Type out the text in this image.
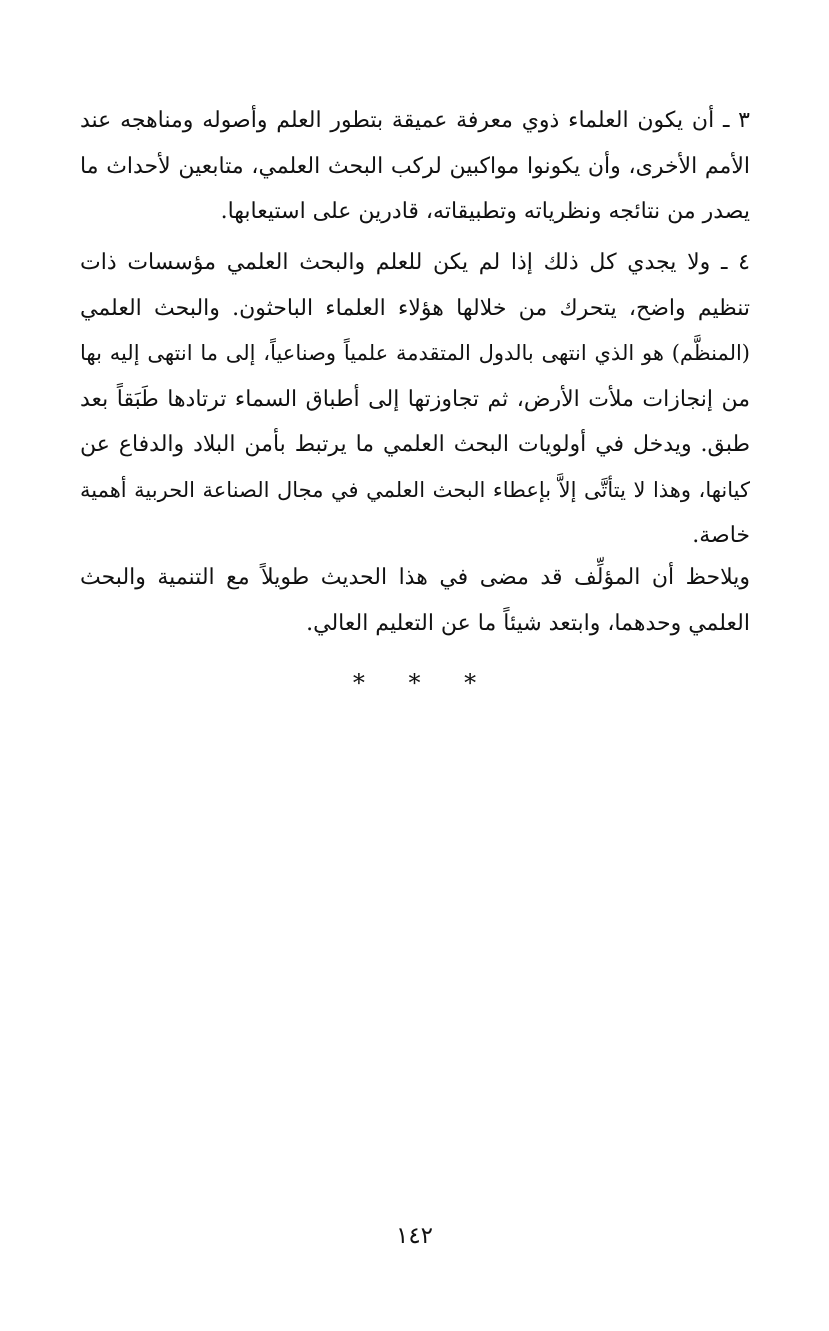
٣ ـ أن يكون العلماء ذوي معرفة عميقة بتطور العلم وأصوله ومناهجه عند
الأمم الأخرى، وأن يكونوا مواكبين لركب البحث العلمي، متابعين لأحداث ما
يصدر من نتائجه ونظرياته وتطبيقاته، قادرين على استيعابها.
٤ ـ ولا يجدي كل ذلك إذا لم يكن للعلم والبحث العلمي مؤسسات ذات
تنظيم واضح، يتحرك من خلالها هؤلاء العلماء الباحثون. والبحث العلمي
(المنظَّم) هو الذي انتهى بالدول المتقدمة علمياً وصناعياً، إلى ما انتهى إليه بها
من إنجازات ملأت الأرض، ثم تجاوزتها إلى أطباق السماء ترتادها طَبَقاً بعد
طبق. ويدخل في أولويات البحث العلمي ما يرتبط بأمن البلاد والدفاع عن
كيانها، وهذا لا يتأتَّى إلاَّ بإعطاء البحث العلمي في مجال الصناعة الحربية أهمية
خاصة.
ويلاحظ أن المؤلِّف قد مضى في هذا الحديث طويلاً مع التنمية والبحث
العلمي وحدهما، وابتعد شيئاً ما عن التعليم العالي.
* * *
١٤٢
